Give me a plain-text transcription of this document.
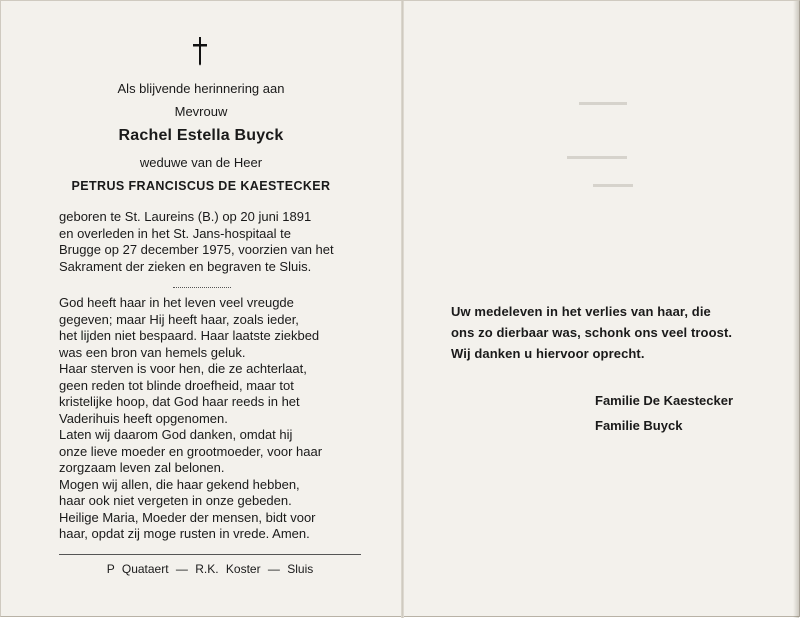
Als blijvende herinnering aan
Mevrouw
Rachel Estella Buyck
weduwe van de Heer
PETRUS FRANCISCUS DE KAESTECKER
geboren te St. Laureins (B.) op 20 juni 1891
en overleden in het St. Jans-hospitaal te
Brugge op 27 december 1975, voorzien van het
Sakrament der zieken en begraven te Sluis.
God heeft haar in het leven veel vreugde
gegeven; maar Hij heeft haar, zoals ieder,
het lijden niet bespaard. Haar laatste ziekbed
was een bron van hemels geluk.
Haar sterven is voor hen, die ze achterlaat,
geen reden tot blinde droefheid, maar tot
kristelijke hoop, dat God haar reeds in het
Vaderihuis heeft opgenomen.
Laten wij daarom God danken, omdat hij
onze lieve moeder en grootmoeder, voor haar
zorgzaam leven zal belonen.
Mogen wij allen, die haar gekend hebben,
haar ook niet vergeten in onze gebeden.
Heilige Maria, Moeder der mensen, bidt voor
haar, opdat zij moge rusten in vrede. Amen.
P Quataert — R.K. Koster — Sluis
Uw medeleven in het verlies van haar, die
ons zo dierbaar was, schonk ons veel troost.
Wij danken u hiervoor oprecht.
Familie De Kaestecker
Familie Buyck
